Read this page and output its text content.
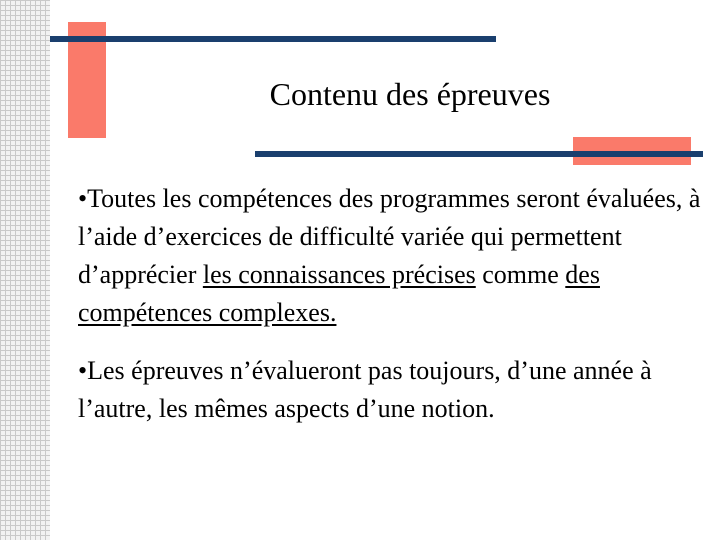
Contenu des épreuves

•Toutes les compétences des programmes seront évaluées, à l’aide d’exercices de difficulté variée qui permettent d’apprécier les connaissances précises comme des compétences complexes.

•Les épreuves n’évalueront pas toujours, d’une année à l’autre, les mêmes aspects d’une notion.
